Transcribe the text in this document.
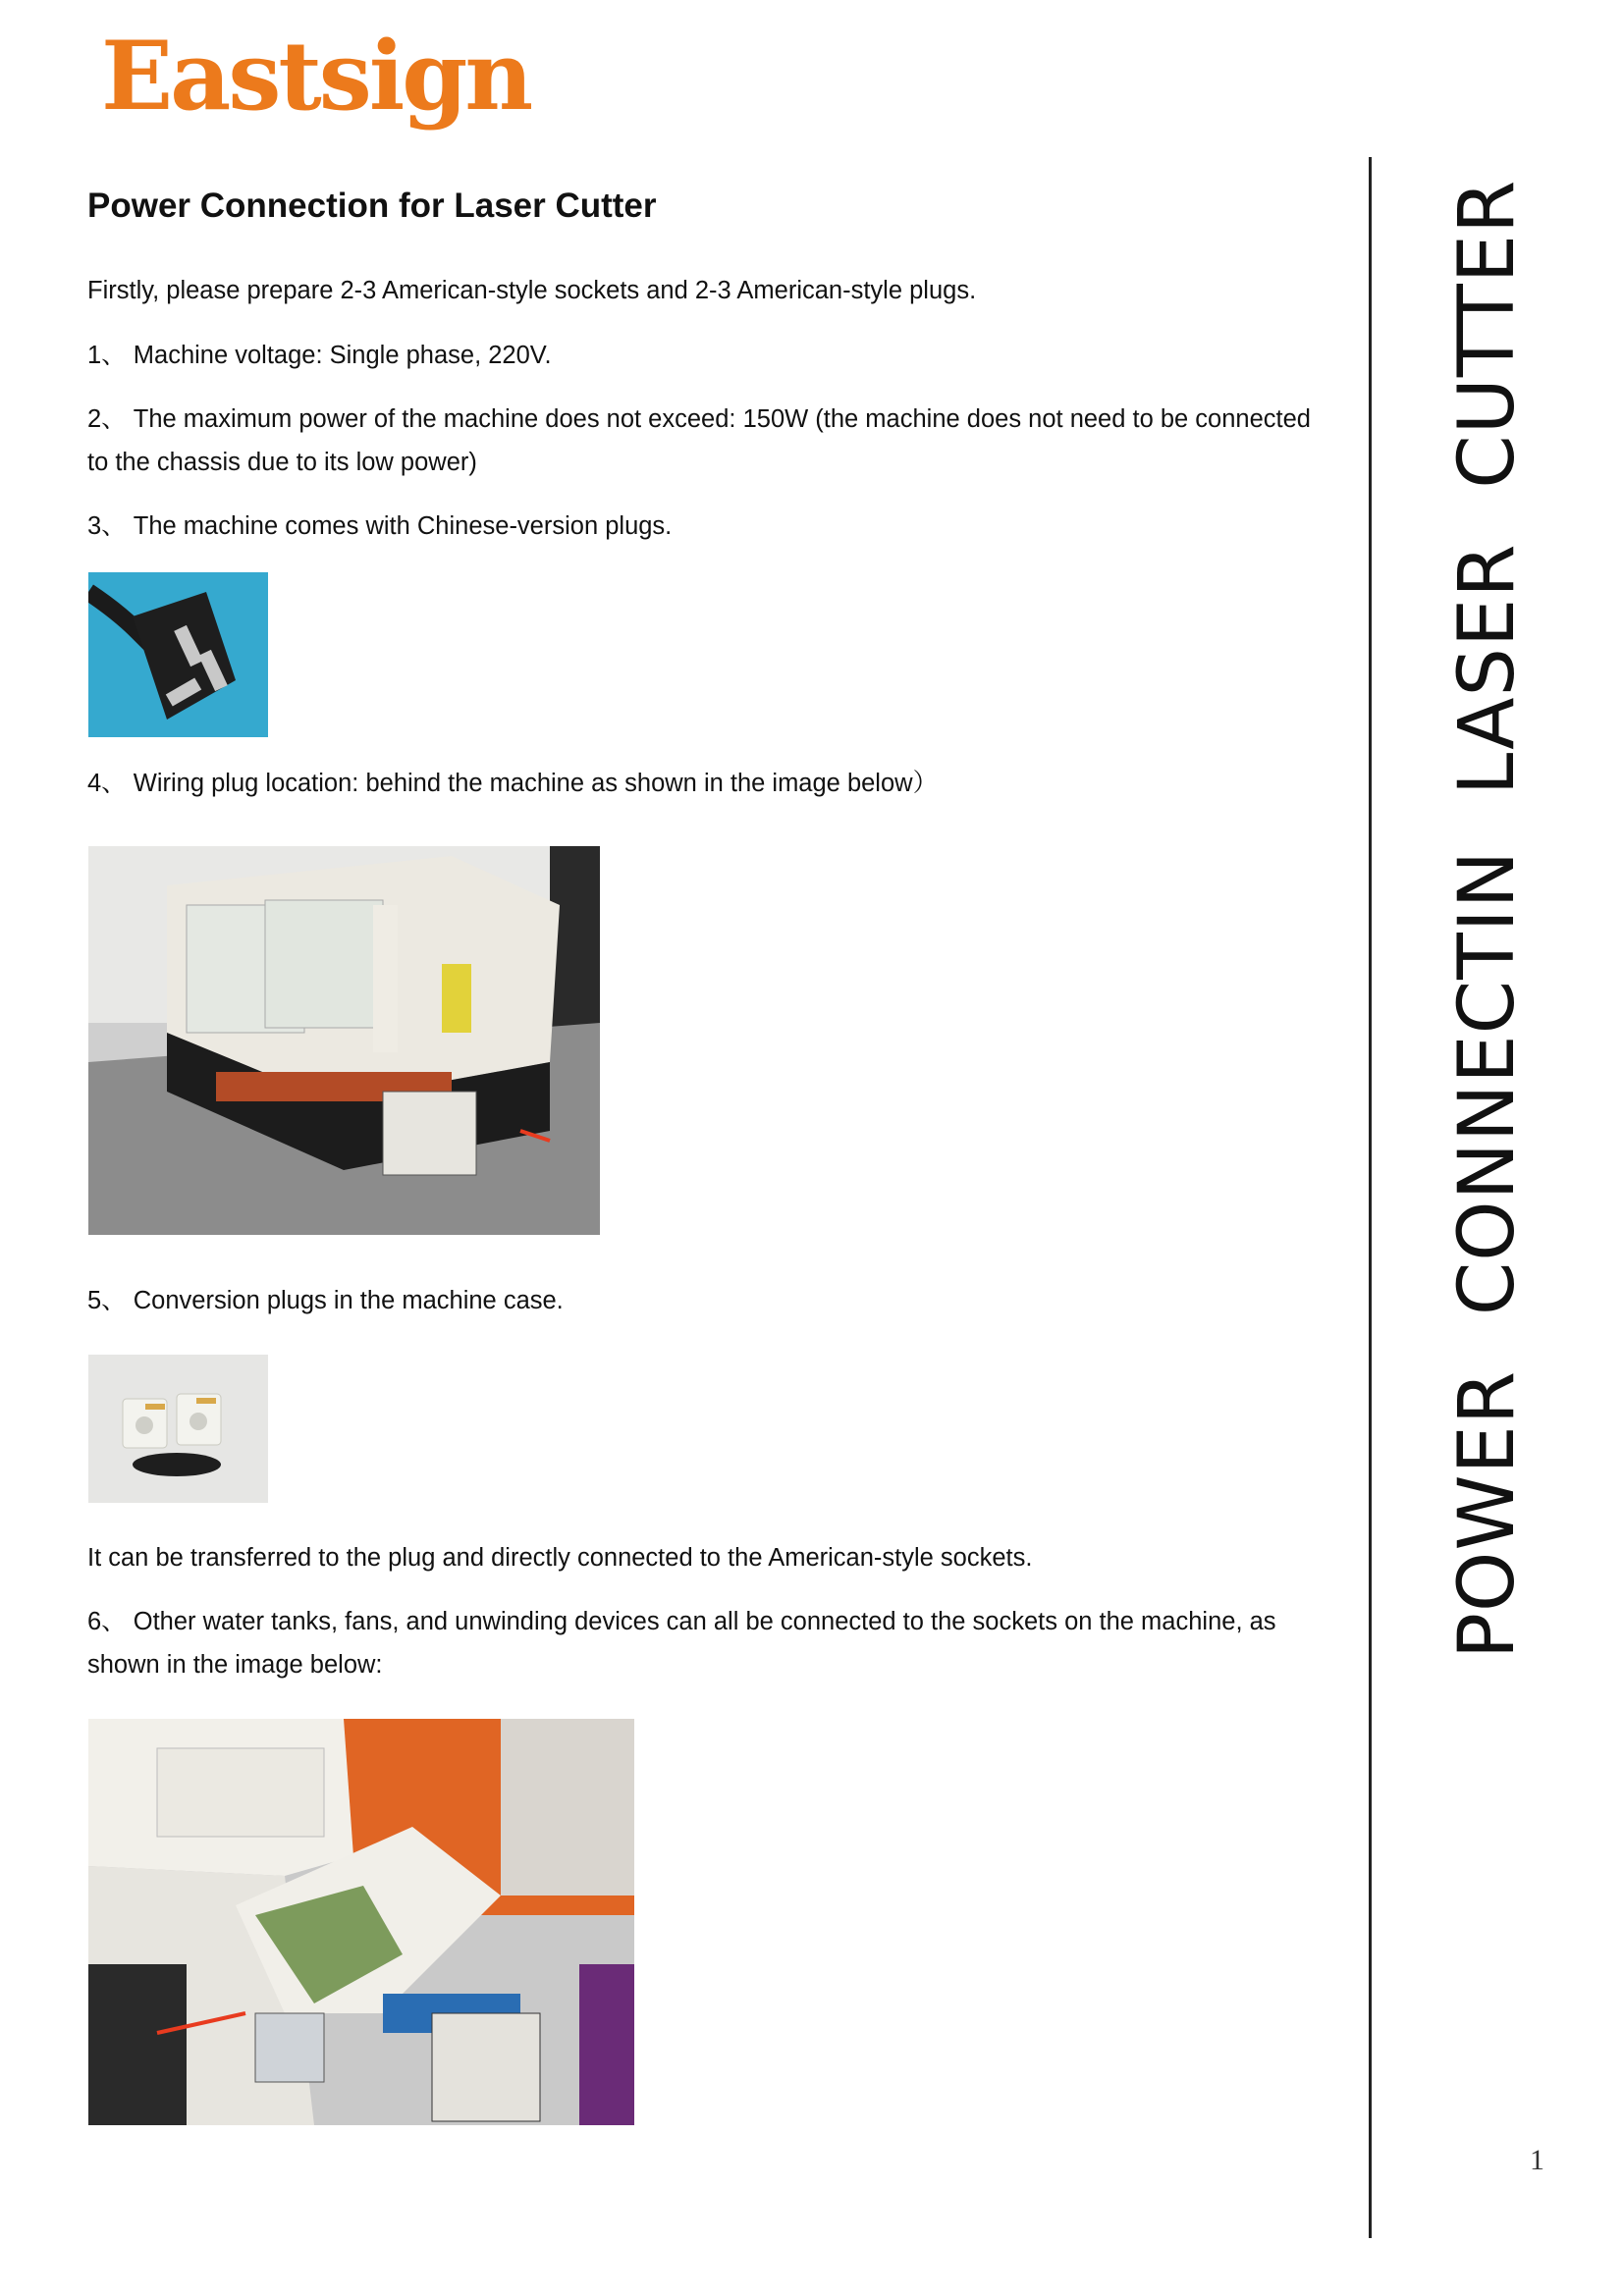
Eastsign
Power Connection for Laser Cutter
Firstly, please prepare 2-3 American-style sockets and 2-3 American-style plugs.
1、 Machine voltage: Single phase, 220V.
2、 The maximum power of the machine does not exceed: 150W (the machine does not need to be connected to the chassis due to its low power)
3、 The machine comes with Chinese-version plugs.
4、 Wiring plug location: behind the machine as shown in the image below）
5、 Conversion plugs in the machine case.
It can be transferred to the plug and directly connected to the American-style sockets.
6、 Other water tanks, fans, and unwinding devices can all be connected to the sockets on the machine, as shown in the image below:
POWER CONNECTIN LASER CUTTER
1
